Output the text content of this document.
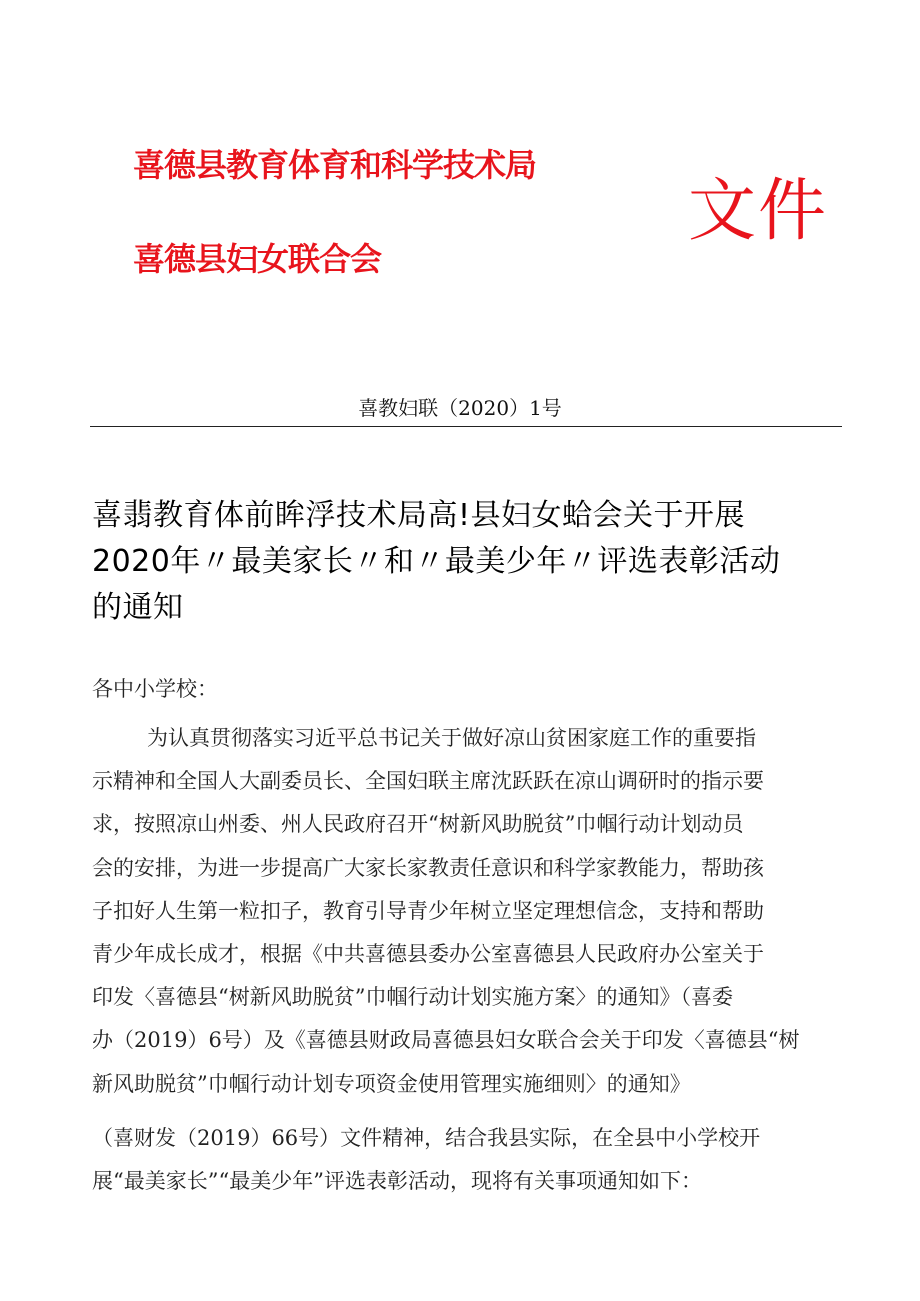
喜德县教育体育和科学技术局
喜德县妇女联合会
文件
喜教妇联（2020）1号
喜翡教育体前眸浮技术局高!县妇女蛤会关于开展
2020年〃最美家长〃和〃最美少年〃评选表彰活动
的通知
各中小学校：
为认真贯彻落实习近平总书记关于做好凉山贫困家庭工作的重要指
示精神和全国人大副委员长、全国妇联主席沈跃跃在凉山调研时的指示要
求，按照凉山州委、州人民政府召开“树新风助脱贫”巾帼行动计划动员
会的安排，为进一步提高广大家长家教责任意识和科学家教能力，帮助孩
子扣好人生第一粒扣子，教育引导青少年树立坚定理想信念，支持和帮助
青少年成长成才，根据《中共喜德县委办公室喜德县人民政府办公室关于
印发〈喜德县“树新风助脱贫”巾帼行动计划实施方案〉的通知》（喜委
办（2019）6号）及《喜德县财政局喜德县妇女联合会关于印发〈喜德县“树
新风助脱贫”巾帼行动计划专项资金使用管理实施细则〉的通知》
（喜财发（2019）66号）文件精神，结合我县实际，在全县中小学校开
展“最美家长”“最美少年”评选表彰活动，现将有关事项通知如下：
